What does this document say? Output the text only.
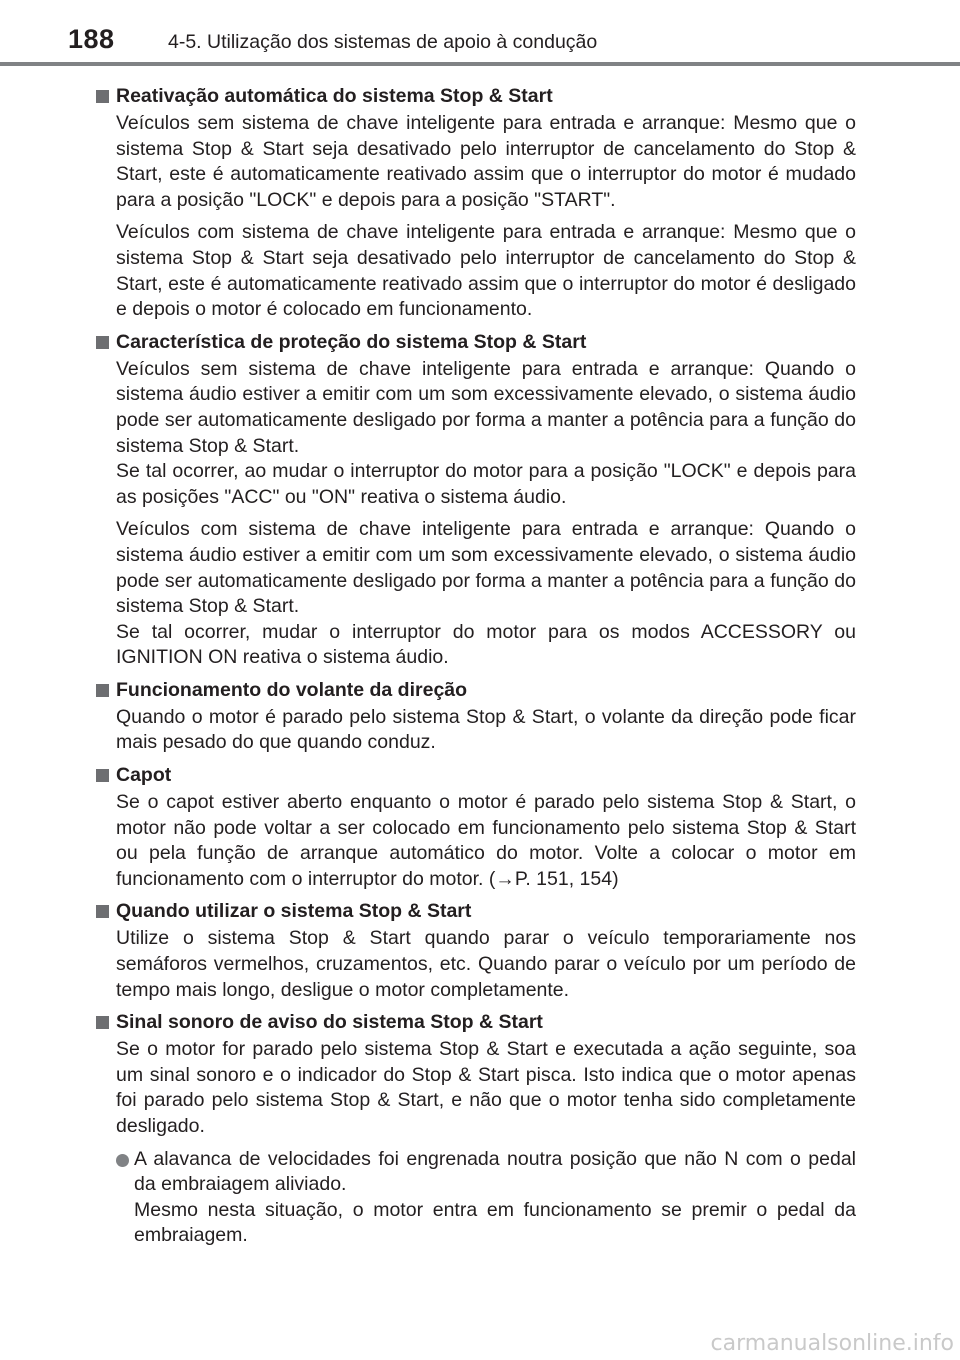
188	4-5. Utilização dos sistemas de apoio à condução
Reativação automática do sistema Stop & Start

Veículos sem sistema de chave inteligente para entrada e arranque: Mesmo que o sistema Stop & Start seja desativado pelo interruptor de cancelamento do Stop & Start, este é automaticamente reativado assim que o interruptor do motor é mudado para a posição "LOCK" e depois para a posição "START".

Veículos com sistema de chave inteligente para entrada e arranque: Mesmo que o sistema Stop & Start seja desativado pelo interruptor de cancelamento do Stop & Start, este é automaticamente reativado assim que o interruptor do motor é desligado e depois o motor é colocado em funcionamento.

Característica de proteção do sistema Stop & Start

Veículos sem sistema de chave inteligente para entrada e arranque: Quando o sistema áudio estiver a emitir com um som excessivamente elevado, o sistema áudio pode ser automaticamente desligado por forma a manter a potência para a função do sistema Stop & Start.

Se tal ocorrer, ao mudar o interruptor do motor para a posição "LOCK" e depois para as posições "ACC" ou "ON" reativa o sistema áudio.

Veículos com sistema de chave inteligente para entrada e arranque: Quando o sistema áudio estiver a emitir com um som excessivamente elevado, o sistema áudio pode ser automaticamente desligado por forma a manter a potência para a função do sistema Stop & Start.

Se tal ocorrer, mudar o interruptor do motor para os modos ACCESSORY ou IGNITION ON reativa o sistema áudio.

Funcionamento do volante da direção

Quando o motor é parado pelo sistema Stop & Start, o volante da direção pode ficar mais pesado do que quando conduz.

Capot

Se o capot estiver aberto enquanto o motor é parado pelo sistema Stop & Start, o motor não pode voltar a ser colocado em funcionamento pelo sistema Stop & Start ou pela função de arranque automático do motor. Volte a colocar o motor em funcionamento com o interruptor do motor. (→P. 151, 154)

Quando utilizar o sistema Stop & Start

Utilize o sistema Stop & Start quando parar o veículo temporariamente nos semáforos vermelhos, cruzamentos, etc. Quando parar o veículo por um período de tempo mais longo, desligue o motor completamente.

Sinal sonoro de aviso do sistema Stop & Start

Se o motor for parado pelo sistema Stop & Start e executada a ação seguinte, soa um sinal sonoro e o indicador do Stop & Start pisca. Isto indica que o motor apenas foi parado pelo sistema Stop & Start, e não que o motor tenha sido completamente desligado.

A alavanca de velocidades foi engrenada noutra posição que não N com o pedal da embraiagem aliviado.
Mesmo nesta situação, o motor entra em funcionamento se premir o pedal da embraiagem.
carmanualsonline.info
